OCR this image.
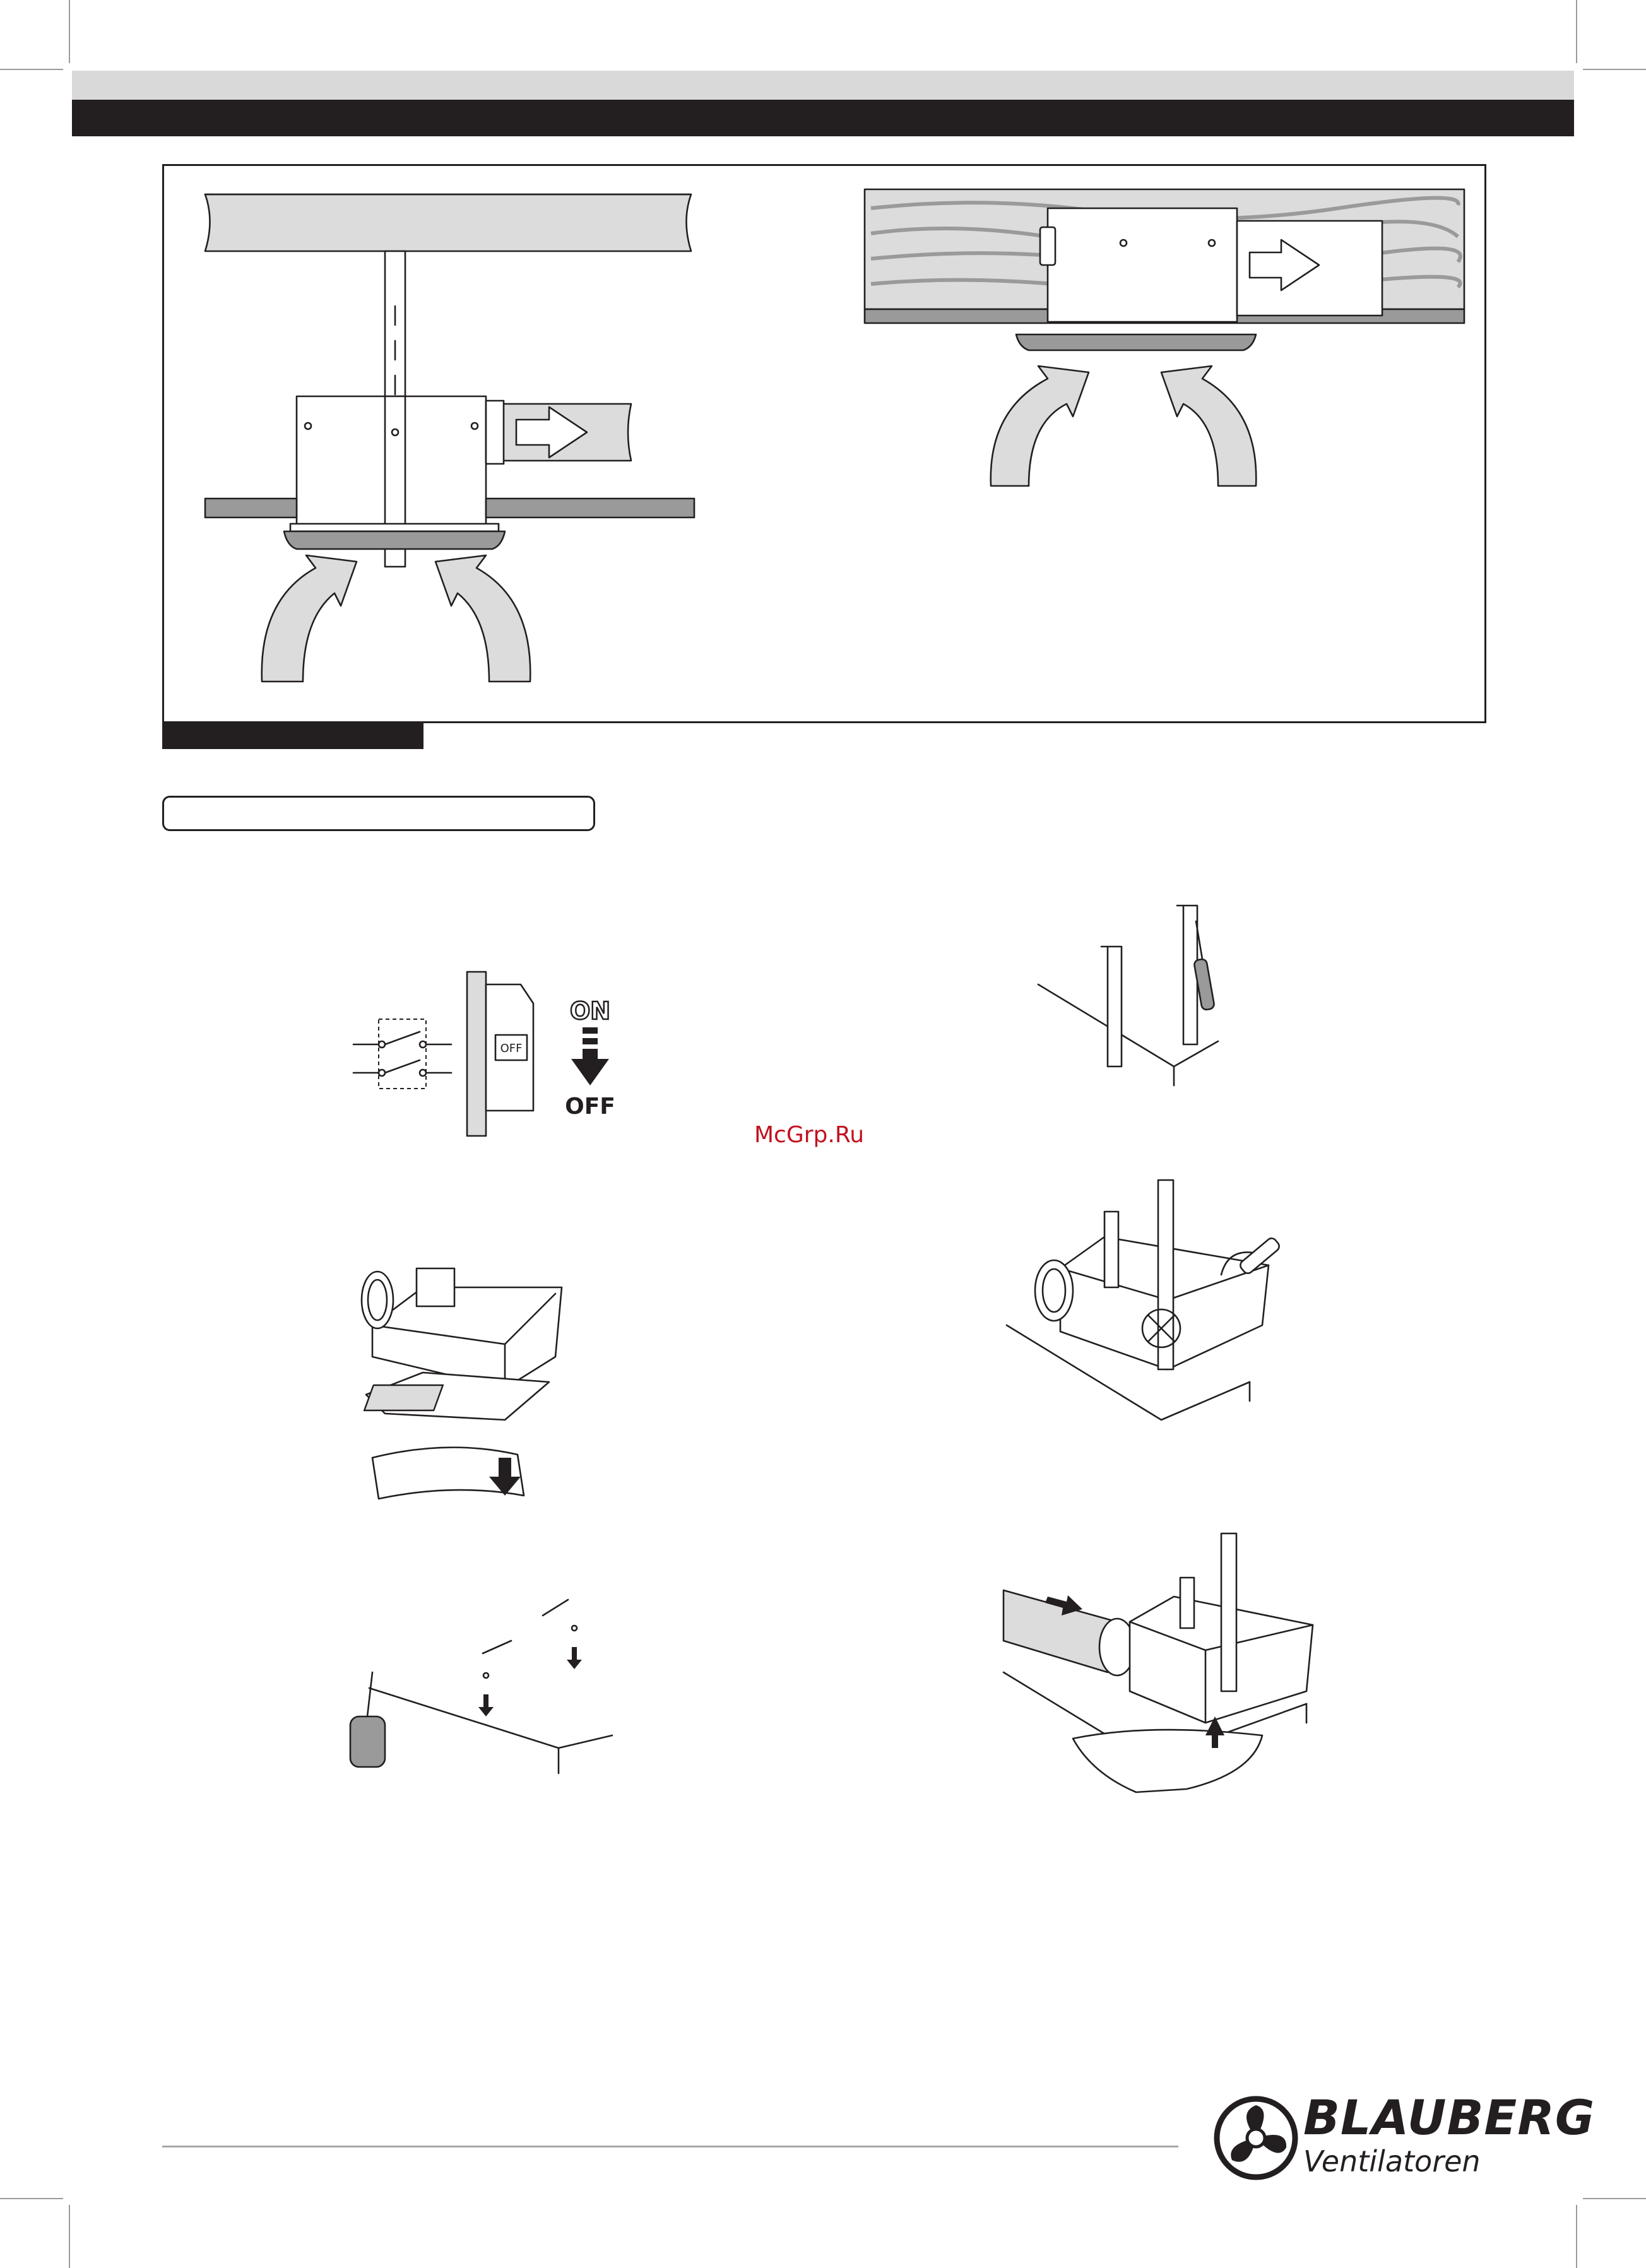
OFF
ON
OFF
McGrp.Ru
BLAUBERG
Ventilatoren
